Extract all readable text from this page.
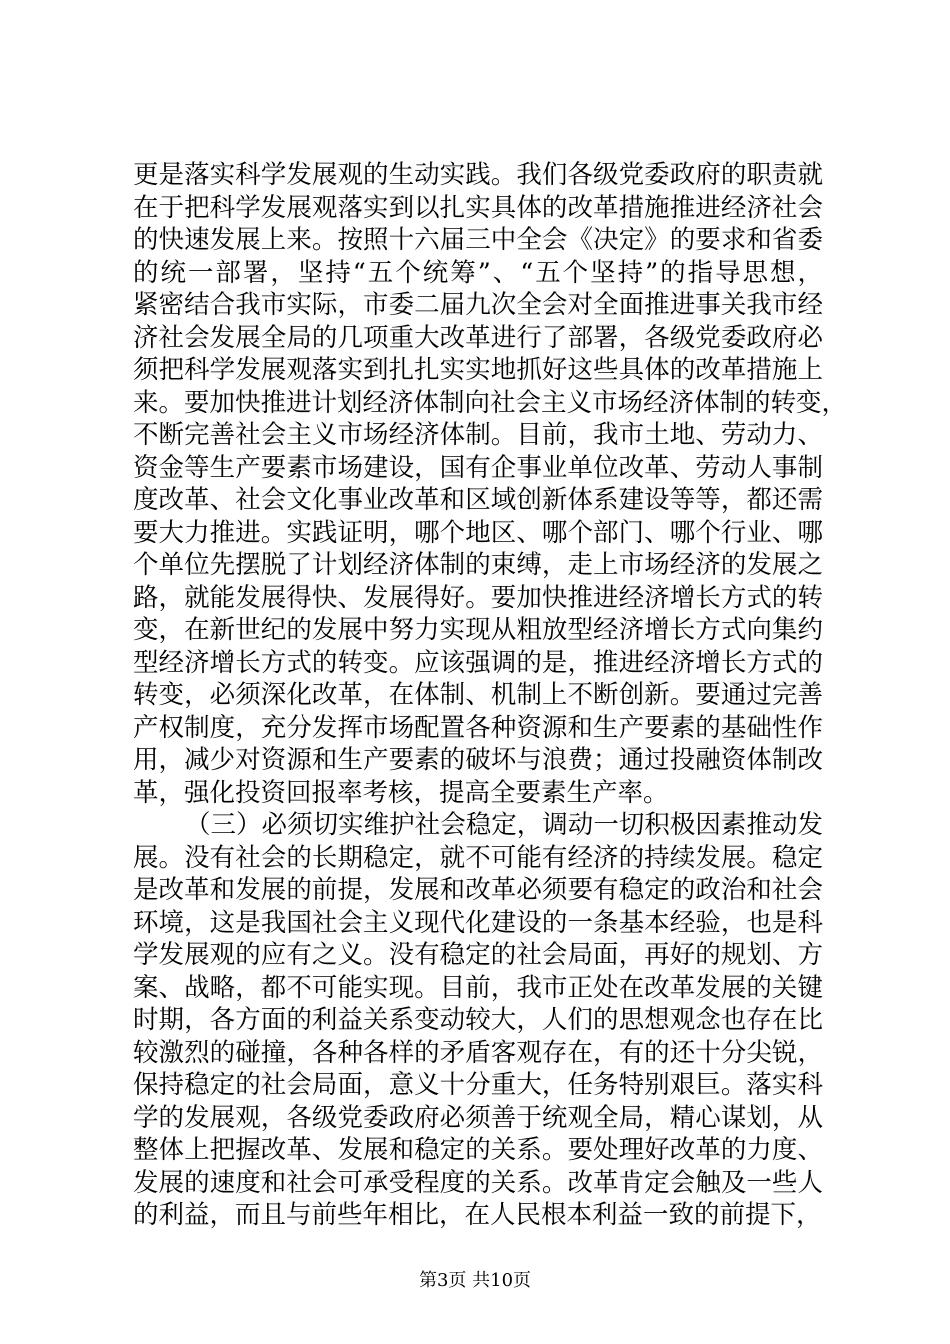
更是落实科学发展观的生动实践。我们各级党委政府的职责就
在于把科学发展观落实到以扎实具体的改革措施推进经济社会
的快速发展上来。按照十六届三中全会《决定》的要求和省委
的统一部署，坚持“五个统筹”、“五个坚持”的指导思想，
紧密结合我市实际，市委二届九次全会对全面推进事关我市经
济社会发展全局的几项重大改革进行了部署，各级党委政府必
须把科学发展观落实到扎扎实实地抓好这些具体的改革措施上
来。要加快推进计划经济体制向社会主义市场经济体制的转变，
不断完善社会主义市场经济体制。目前，我市土地、劳动力、
资金等生产要素市场建设，国有企事业单位改革、劳动人事制
度改革、社会文化事业改革和区域创新体系建设等等，都还需
要大力推进。实践证明，哪个地区、哪个部门、哪个行业、哪
个单位先摆脱了计划经济体制的束缚，走上市场经济的发展之
路，就能发展得快、发展得好。要加快推进经济增长方式的转
变，在新世纪的发展中努力实现从粗放型经济增长方式向集约
型经济增长方式的转变。应该强调的是，推进经济增长方式的
转变，必须深化改革，在体制、机制上不断创新。要通过完善
产权制度，充分发挥市场配置各种资源和生产要素的基础性作
用，减少对资源和生产要素的破坏与浪费；通过投融资体制改
革，强化投资回报率考核，提高全要素生产率。
（三）必须切实维护社会稳定，调动一切积极因素推动发
展。没有社会的长期稳定，就不可能有经济的持续发展。稳定
是改革和发展的前提，发展和改革必须要有稳定的政治和社会
环境，这是我国社会主义现代化建设的一条基本经验，也是科
学发展观的应有之义。没有稳定的社会局面，再好的规划、方
案、战略，都不可能实现。目前，我市正处在改革发展的关键
时期，各方面的利益关系变动较大，人们的思想观念也存在比
较激烈的碰撞，各种各样的矛盾客观存在，有的还十分尖锐，
保持稳定的社会局面，意义十分重大，任务特别艰巨。落实科
学的发展观，各级党委政府必须善于统观全局，精心谋划，从
整体上把握改革、发展和稳定的关系。要处理好改革的力度、
发展的速度和社会可承受程度的关系。改革肯定会触及一些人
的利益，而且与前些年相比，在人民根本利益一致的前提下，
第3页 共10页
